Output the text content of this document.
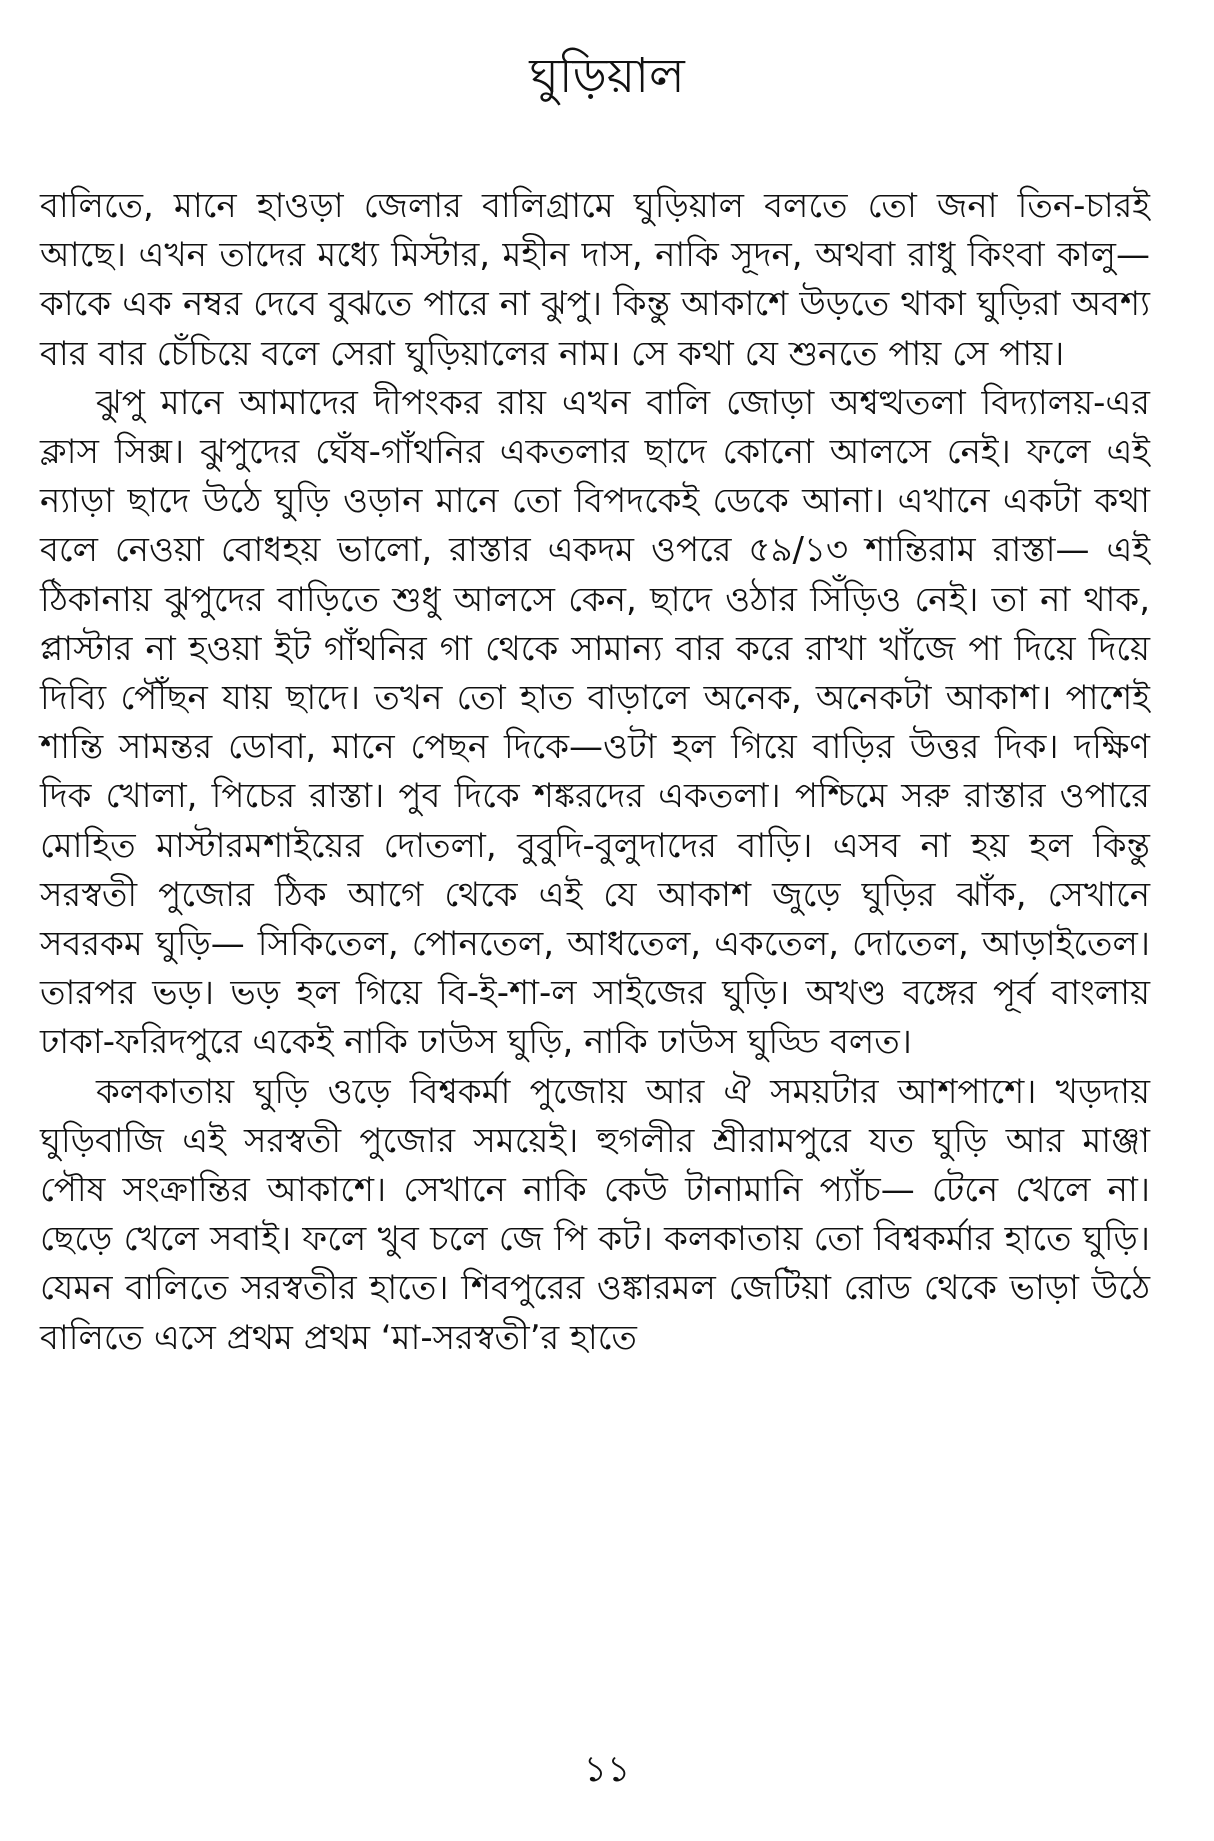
ঘুড়িয়াল

বালিতে, মানে হাওড়া জেলার বালিগ্রামে ঘুড়িয়াল বলতে তো জনা তিন-চারই আছে। এখন তাদের মধ্যে মিস্টার, মহীন দাস, নাকি সূদন, অথবা রাধু কিংবা কালু— কাকে এক নম্বর দেবে বুঝতে পারে না ঝুপু। কিন্তু আকাশে উড়তে থাকা ঘুড়িরা অবশ্য বার বার চেঁচিয়ে বলে সেরা ঘুড়িয়ালের নাম। সে কথা যে শুনতে পায় সে পায়।

ঝুপু মানে আমাদের দীপংকর রায় এখন বালি জোড়া অশ্বত্থতলা বিদ্যালয়-এর ক্লাস সিক্স। ঝুপুদের ঘেঁষ-গাঁথনির একতলার ছাদে কোনো আলসে নেই। ফলে এই ন্যাড়া ছাদে উঠে ঘুড়ি ওড়ান মানে তো বিপদকেই ডেকে আনা। এখানে একটা কথা বলে নেওয়া বোধহয় ভালো, রাস্তার একদম ওপরে ৫৯/১৩ শান্তিরাম রাস্তা— এই ঠিকানায় ঝুপুদের বাড়িতে শুধু আলসে কেন, ছাদে ওঠার সিঁড়িও নেই। তা না থাক, প্লাস্টার না হওয়া ইট গাঁথনির গা থেকে সামান্য বার করে রাখা খাঁজে পা দিয়ে দিয়ে দিব্যি পৌঁছন যায় ছাদে। তখন তো হাত বাড়ালে অনেক, অনেকটা আকাশ। পাশেই শান্তি সামন্তর ডোবা, মানে পেছন দিকে—ওটা হল গিয়ে বাড়ির উত্তর দিক। দক্ষিণ দিক খোলা, পিচের রাস্তা। পুব দিকে শঙ্করদের একতলা। পশ্চিমে সরু রাস্তার ওপারে মোহিত মাস্টারমশাইয়ের দোতলা, বুবুদি-বুলুদাদের বাড়ি। এসব না হয় হল কিন্তু সরস্বতী পুজোর ঠিক আগে থেকে এই যে আকাশ জুড়ে ঘুড়ির ঝাঁক, সেখানে সবরকম ঘুড়ি— সিকিতেল, পোনতেল, আধতেল, একতেল, দোতেল, আড়াইতেল। তারপর ভড়। ভড় হল গিয়ে বি-ই-শা-ল সাইজের ঘুড়ি। অখণ্ড বঙ্গের পূর্ব বাংলায় ঢাকা-ফরিদপুরে একেই নাকি ঢাউস ঘুড়ি, নাকি ঢাউস ঘুড্ডি বলত।

কলকাতায় ঘুড়ি ওড়ে বিশ্বকর্মা পুজোয় আর ঐ সময়টার আশপাশে। খড়দায় ঘুড়িবাজি এই সরস্বতী পুজোর সময়েই। হুগলীর শ্রীরামপুরে যত ঘুড়ি আর মাঞ্জা পৌষ সংক্রান্তির আকাশে। সেখানে নাকি কেউ টানামানি প্যাঁচ— টেনে খেলে না। ছেড়ে খেলে সবাই। ফলে খুব চলে জে পি কট। কলকাতায় তো বিশ্বকর্মার হাতে ঘুড়ি। যেমন বালিতে সরস্বতীর হাতে। শিবপুরের ওঙ্কারমল জেটিয়া রোড থেকে ভাড়া উঠে বালিতে এসে প্রথম প্রথম ‘মা-সরস্বতী’র হাতে

১১
